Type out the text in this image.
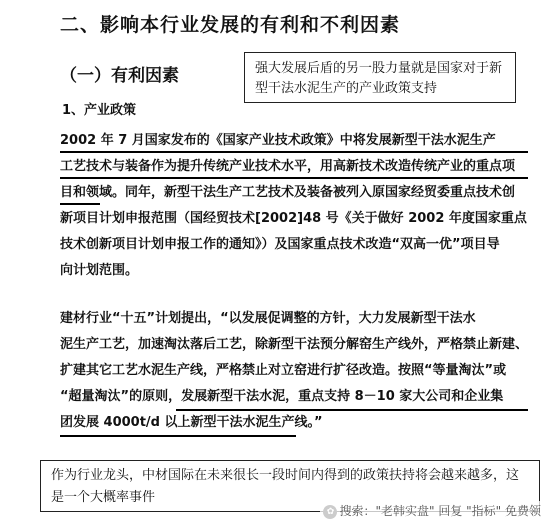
二、影响本行业发展的有利和不利因素
（一）有利因素	强大发展后盾的另一股力量就是国家对于新型干法水泥生产的产业政策支持
1、产业政策
2002 年 7 月国家发布的《国家产业技术政策》中将发展新型干法水泥生产
工艺技术与装备作为提升传统产业技术水平，用高新技术改造传统产业的重点项
目和领域。同年，新型干法生产工艺技术及装备被列入原国家经贸委重点技术创
新项目计划申报范围（国经贸技术[2002]48 号《关于做好 2002 年度国家重点
技术创新项目计划申报工作的通知》）及国家重点技术改造“双高一优”项目导
向计划范围。
建材行业“十五”计划提出，“以发展促调整的方针，大力发展新型干法水
泥生产工艺，加速淘汰落后工艺，除新型干法预分解窑生产线外，严格禁止新建、
扩建其它工艺水泥生产线，严格禁止对立窑进行扩径改造。按照“等量淘汰”或
“超量淘汰”的原则，发展新型干法水泥，重点支持 8－10 家大公司和企业集
团发展 4000t/d 以上新型干法水泥生产线。”
作为行业龙头，中材国际在未来很长一段时间内得到的政策扶持将会越来越多，这是一个大概率事件
✿ 搜索："老韩实盘" 回复 "指标" 免费领
